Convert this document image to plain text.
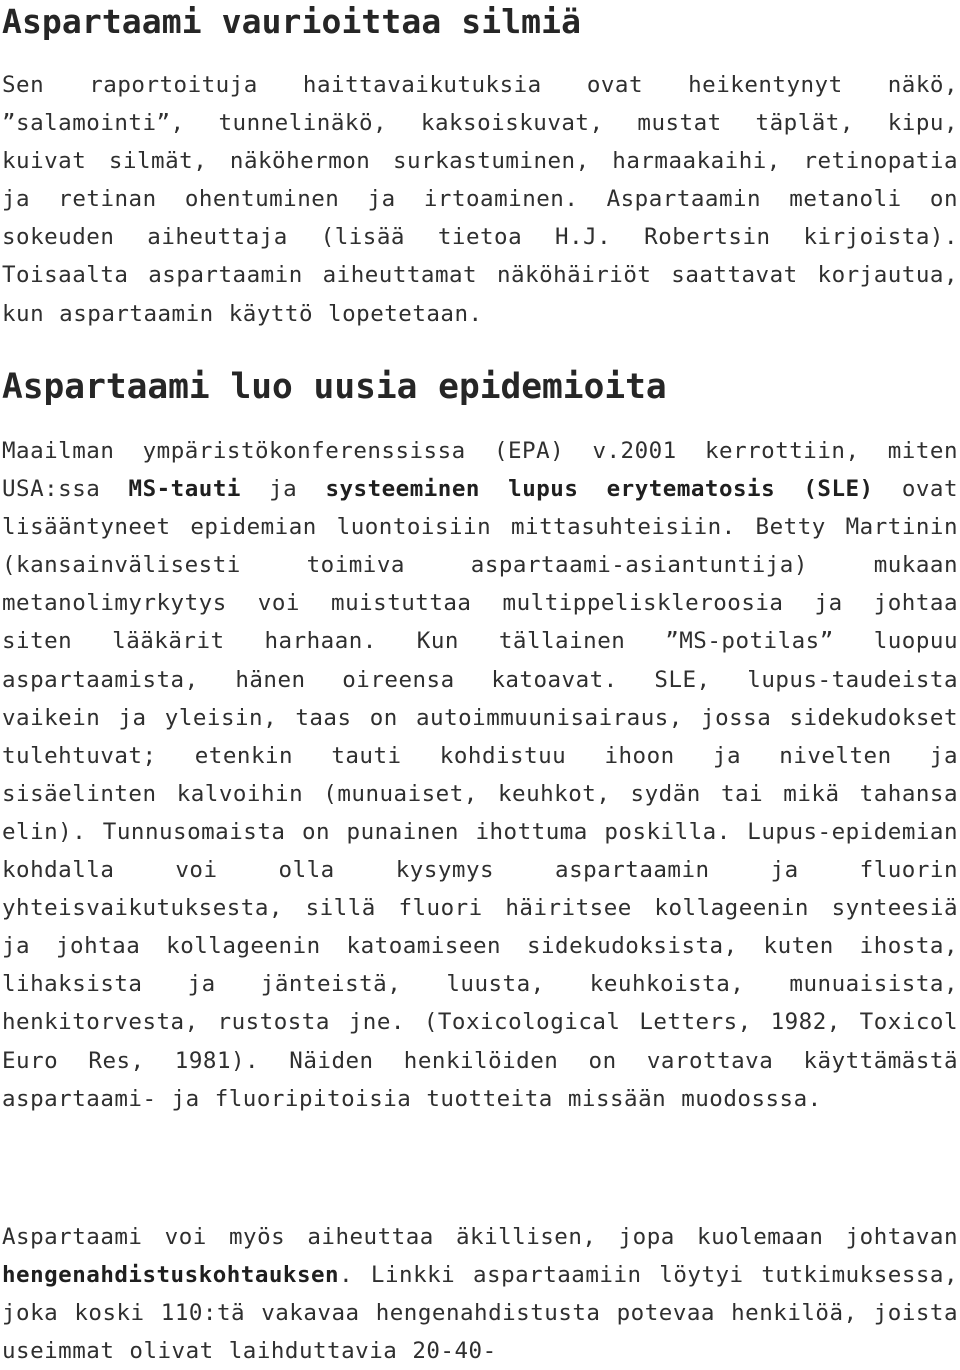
Aspartaami vaurioittaa silmiä

Sen raportoituja haittavaikutuksia ovat heikentynyt näkö, ”salamointi”, tunnelinäkö, kaksoiskuvat, mustat täplät, kipu, kuivat silmät, näköhermon surkastuminen, harmaakaihi, retinopatia ja retinan ohentuminen ja irtoaminen. Aspartaamin metanoli on sokeuden aiheuttaja (lisää tietoa H.J. Robertsin kirjoista). Toisaalta aspartaamin aiheuttamat näköhäiriöt saattavat korjautua, kun aspartaamin käyttö lopetetaan.

Aspartaami luo uusia epidemioita

Maailman ympäristökonferenssissa (EPA) v.2001 kerrottiin, miten USA:ssa MS-tauti ja systeeminen lupus erytematosis (SLE) ovat lisääntyneet epidemian luontoisiin mittasuhteisiin. Betty Martinin (kansainvälisesti toimiva aspartaami-asiantuntija) mukaan metanolimyrkytys voi muistuttaa multippeliskleroosia ja johtaa siten lääkärit harhaan. Kun tällainen ”MS-potilas” luopuu aspartaamista, hänen oireensa katoavat. SLE, lupus-taudeista vaikein ja yleisin, taas on autoimmuunisairaus, jossa sidekudokset tulehtuvat; etenkin tauti kohdistuu ihoon ja nivelten ja sisäelinten kalvoihin (munuaiset, keuhkot, sydän tai mikä tahansa elin). Tunnusomaista on punainen ihottuma poskilla. Lupus-epidemian kohdalla voi olla kysymys aspartaamin ja fluorin yhteisvaikutuksesta, sillä fluori häiritsee kollageenin synteesiä ja johtaa kollageenin katoamiseen sidekudoksista, kuten ihosta, lihaksista ja jänteistä, luusta, keuhkoista, munuaisista, henkitorvesta, rustosta jne. (Toxicological Letters, 1982, Toxicol Euro Res, 1981). Näiden henkilöiden on varottava käyttämästä aspartaami- ja fluoripitoisia tuotteita missään muodosssa.

Aspartaami voi myös aiheuttaa äkillisen, jopa kuolemaan johtavan hengenahdistuskohtauksen. Linkki aspartaamiin löytyi tutkimuksessa, joka koski 110:tä vakavaa hengenahdistusta potevaa henkilöä, joista useimmat olivat laihduttavia 20-40-
